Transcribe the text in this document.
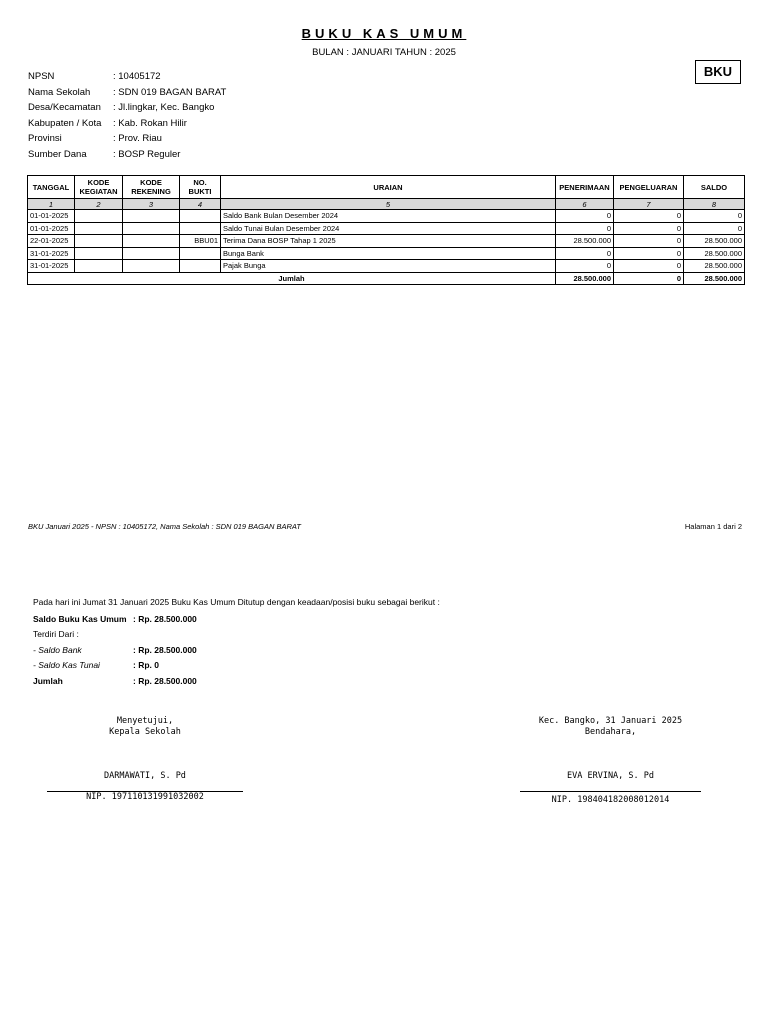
BUKU KAS UMUM
BULAN : JANUARI TAHUN : 2025
BKU
NPSN	: 10405172
Nama Sekolah	: SDN 019 BAGAN BARAT
Desa/Kecamatan	: Jl.lingkar, Kec. Bangko
Kabupaten / Kota	: Kab. Rokan Hilir
Provinsi	: Prov. Riau
Sumber Dana	: BOSP Reguler
TANGGAL	KODE KEGIATAN	KODE REKENING	NO. BUKTI	URAIAN	PENERIMAAN	PENGELUARAN	SALDO
1	2	3	4	5	6	7	8
01-01-2025				Saldo Bank Bulan Desember 2024	0	0	0
01-01-2025				Saldo Tunai Bulan Desember 2024	0	0	0
22-01-2025			BBU01	Terima Dana BOSP Tahap 1 2025	28.500.000	0	28.500.000
31-01-2025				Bunga Bank	0	0	28.500.000
31-01-2025				Pajak Bunga	0	0	28.500.000
Jumlah					28.500.000	0	28.500.000
BKU Januari 2025 - NPSN : 10405172, Nama Sekolah : SDN 019 BAGAN BARAT	Halaman 1 dari 2
Pada hari ini Jumat 31 Januari 2025 Buku Kas Umum Ditutup dengan keadaan/posisi buku sebagai berikut :
Saldo Buku Kas Umum : Rp. 28.500.000
Terdiri Dari :
- Saldo Bank	: Rp. 28.500.000
- Saldo Kas Tunai	: Rp. 0
Jumlah	: Rp. 28.500.000
Menyetujui,
Kepala Sekolah
DARMAWATI, S. Pd
NIP. 197110131991032002
Kec. Bangko, 31 Januari 2025
Bendahara,
EVA ERVINA, S. Pd
NIP. 198404182008012014
